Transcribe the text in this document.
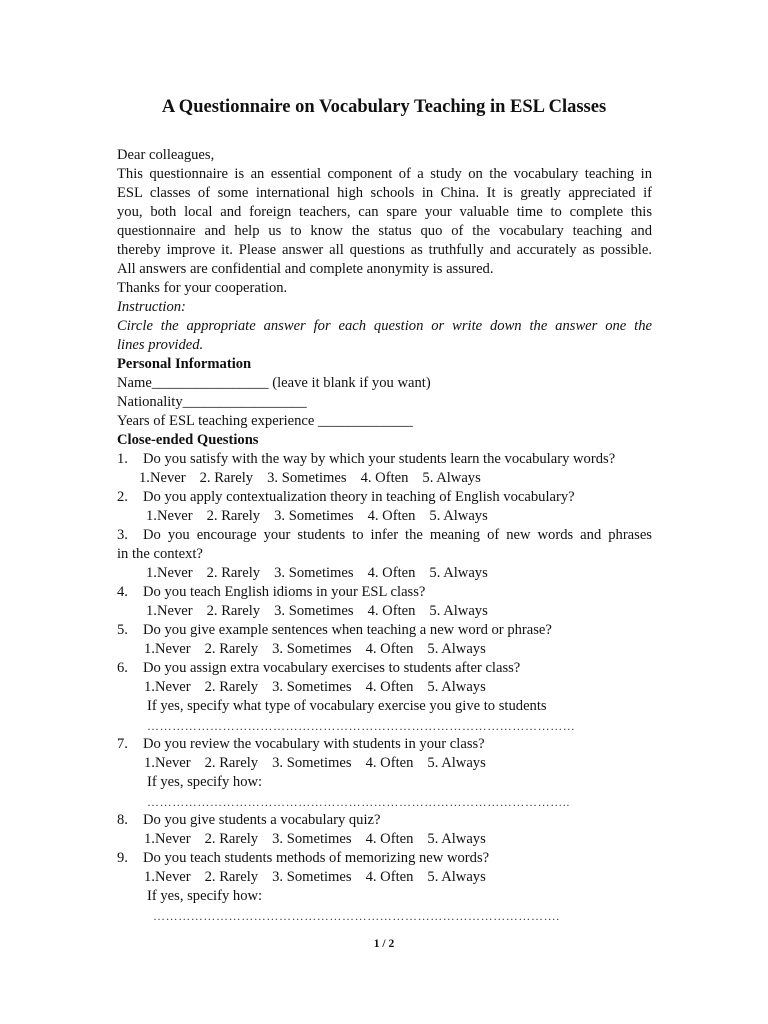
A Questionnaire on Vocabulary Teaching in ESL Classes
Dear colleagues,
This questionnaire is an essential component of a study on the vocabulary teaching in
ESL classes of some international high schools in China. It is greatly appreciated if
you, both local and foreign teachers, can spare your valuable time to complete this
questionnaire and help us to know the status quo of the vocabulary teaching and
thereby improve it. Please answer all questions as truthfully and accurately as possible.
All answers are confidential and complete anonymity is assured.
Thanks for your cooperation.
Instruction:
Circle the appropriate answer for each question or write down the answer one the
lines provided.
Personal Information
Name________________ (leave it blank if you want)
Nationality_________________
Years of ESL teaching experience _____________
Close-ended Questions
1. Do you satisfy with the way by which your students learn the vocabulary words?
1.Never 2. Rarely 3. Sometimes 4. Often 5. Always
2. Do you apply contextualization theory in teaching of English vocabulary?
1.Never 2. Rarely 3. Sometimes 4. Often 5. Always
3. Do you encourage your students to infer the meaning of new words and phrases
in the context?
1.Never 2. Rarely 3. Sometimes 4. Often 5. Always
4. Do you teach English idioms in your ESL class?
1.Never 2. Rarely 3. Sometimes 4. Often 5. Always
5. Do you give example sentences when teaching a new word or phrase?
1.Never 2. Rarely 3. Sometimes 4. Often 5. Always
6. Do you assign extra vocabulary exercises to students after class?
1.Never 2. Rarely 3. Sometimes 4. Often 5. Always
If yes, specify what type of vocabulary exercise you give to students
…………………………………………………………………………………………
7. Do you review the vocabulary with students in your class?
1.Never 2. Rarely 3. Sometimes 4. Often 5. Always
If yes, specify how:
………………………………………………………………………………………..
8. Do you give students a vocabulary quiz?
1.Never 2. Rarely 3. Sometimes 4. Often 5. Always
9. Do you teach students methods of memorizing new words?
1.Never 2. Rarely 3. Sometimes 4. Often 5. Always
If yes, specify how:
…………………………………………………………………………………….
1 / 2
